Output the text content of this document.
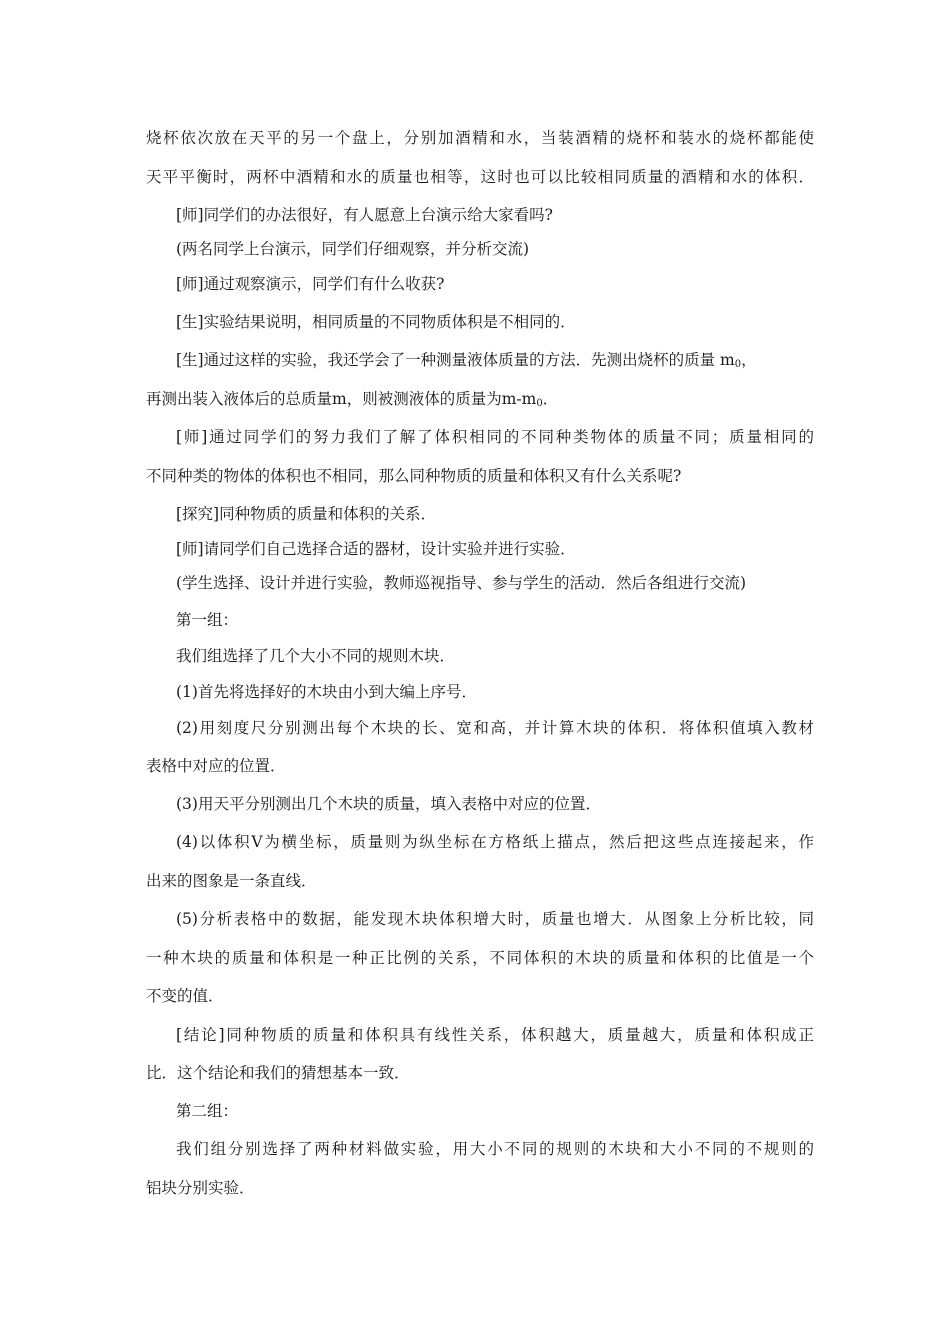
烧杯依次放在天平的另一个盘上，分别加酒精和水，当装酒精的烧杯和装水的烧杯都能使
天平平衡时，两杯中酒精和水的质量也相等，这时也可以比较相同质量的酒精和水的体积．
[师]同学们的办法很好，有人愿意上台演示给大家看吗?
(两名同学上台演示，同学们仔细观察，并分析交流)
[师]通过观察演示，同学们有什么收获?
[生]实验结果说明，相同质量的不同物质体积是不相同的．
[生]通过这样的实验，我还学会了一种测量液体质量的方法．先测出烧杯的质量 $m_0$，
再测出装入液体后的总质量m，则被测液体的质量为$m-m_0$．
[师]通过同学们的努力我们了解了体积相同的不同种类物体的质量不同；质量相同的
不同种类的物体的体积也不相同，那么同种物质的质量和体积又有什么关系呢?
[探究]同种物质的质量和体积的关系．
[师]请同学们自己选择合适的器材，设计实验并进行实验．
(学生选择、设计并进行实验，教师巡视指导、参与学生的活动．然后各组进行交流)
第一组：
我们组选择了几个大小不同的规则木块．
(1)首先将选择好的木块由小到大编上序号．
(2)用刻度尺分别测出每个木块的长、宽和高，并计算木块的体积．将体积值填入教材
表格中对应的位置．
(3)用天平分别测出几个木块的质量，填入表格中对应的位置．
(4)以体积V为横坐标，质量则为纵坐标在方格纸上描点，然后把这些点连接起来，作
出来的图象是一条直线．
(5)分析表格中的数据，能发现木块体积增大时，质量也增大．从图象上分析比较，同
一种木块的质量和体积是一种正比例的关系，不同体积的木块的质量和体积的比值是一个
不变的值．
[结论]同种物质的质量和体积具有线性关系，体积越大，质量越大，质量和体积成正
比．这个结论和我们的猜想基本一致．
第二组：
我们组分别选择了两种材料做实验，用大小不同的规则的木块和大小不同的不规则的
铝块分别实验．
